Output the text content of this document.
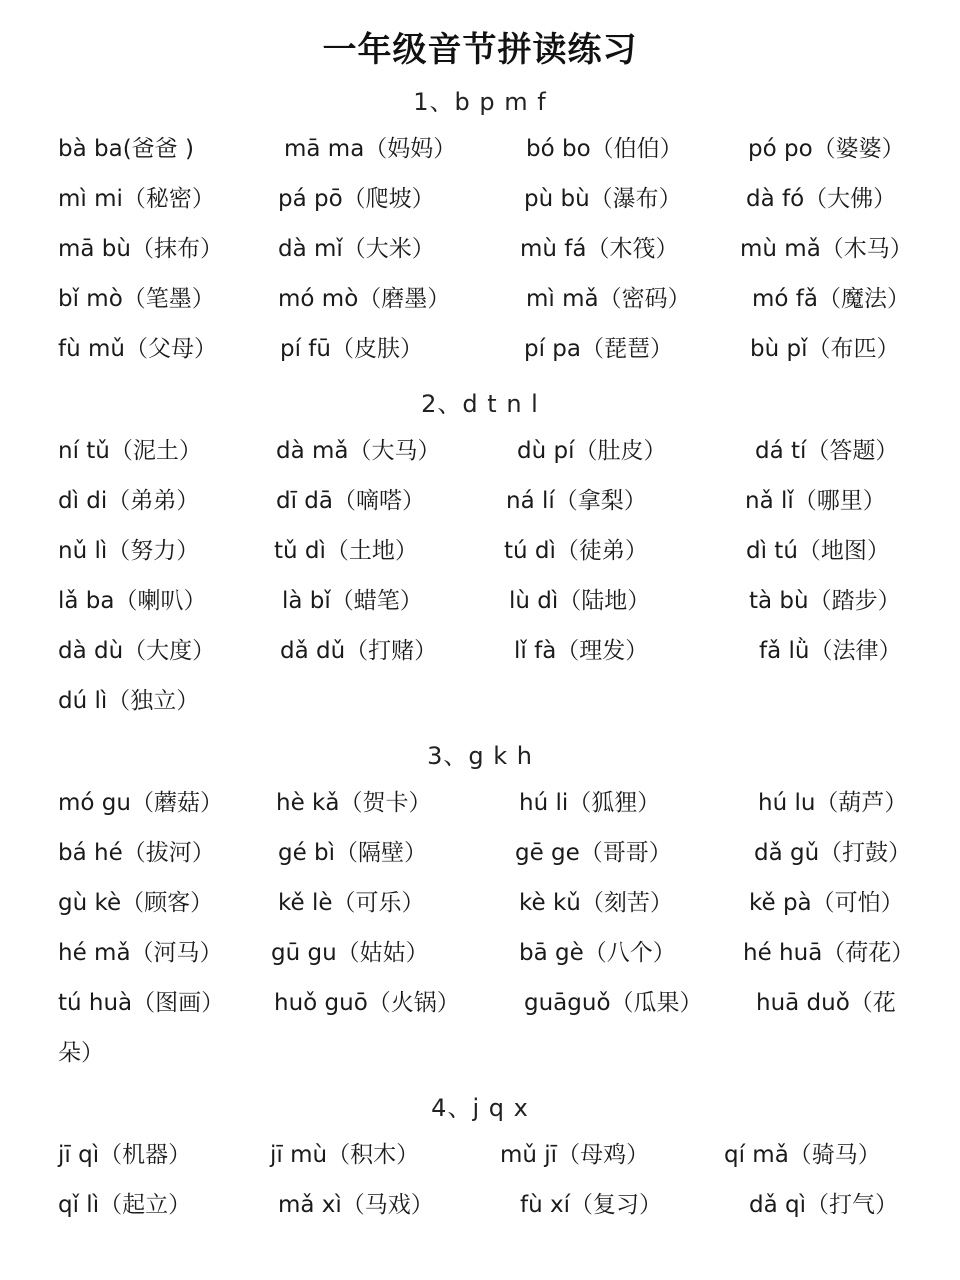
一年级音节拼读练习
1、b p m f
bà ba(爸爸 )	mā ma（妈妈）	bó bo（伯伯）	pó po（婆婆）
mì mi（秘密）	pá pō（爬坡）	pù bù（瀑布）	dà fó（大佛）
mā bù（抹布） dà mǐ（大米）	mù fá（木筏）	mù mǎ（木马）
bǐ mò（笔墨）	mó mò（磨墨）	mì mǎ（密码）	mó fǎ（魔法）
fù mǔ（父母）	pí fū（皮肤）	pí pa（琵琶）	bù pǐ（布匹）
2、d t n l
ní tǔ（泥土）	dà mǎ（大马）	dù pí（肚皮）	dá tí（答题）
dì di（弟弟）	dī dā（嘀嗒）	ná lí（拿梨）	nǎ lǐ（哪里）
nǔ lì（努力）	tǔ dì（土地）	tú dì（徒弟）	dì tú（地图）
lǎ ba（喇叭）	là bǐ（蜡笔）	lù dì（陆地）	tà bù（踏步）
dà dù（大度）	dǎ dǔ（打赌）	lǐ fà（理发）	fǎ lǜ（法律）
dú lì（独立）
3、g k h
mó gu（蘑菇） hè kǎ（贺卡）	hú li（狐狸）	hú lu（葫芦）
bá hé（拔河）	gé bì（隔壁）	gē ge（哥哥）	dǎ gǔ（打鼓）
gù kè（顾客）	kě lè（可乐）	kè kǔ（刻苦）	kě pà（可怕）
hé mǎ（河马） gū gu（姑姑）	bā gè（八个）	hé huā（荷花）
tú huà（图画） huǒ guō（火锅）	guāguǒ（瓜果） huā duǒ（花
朵）
4、j q x
jī qì（机器）	jī mù（积木）	mǔ jī（母鸡）	qí mǎ（骑马）
qǐ lì（起立）	mǎ xì（马戏）	fù xí（复习）	dǎ qì（打气）
